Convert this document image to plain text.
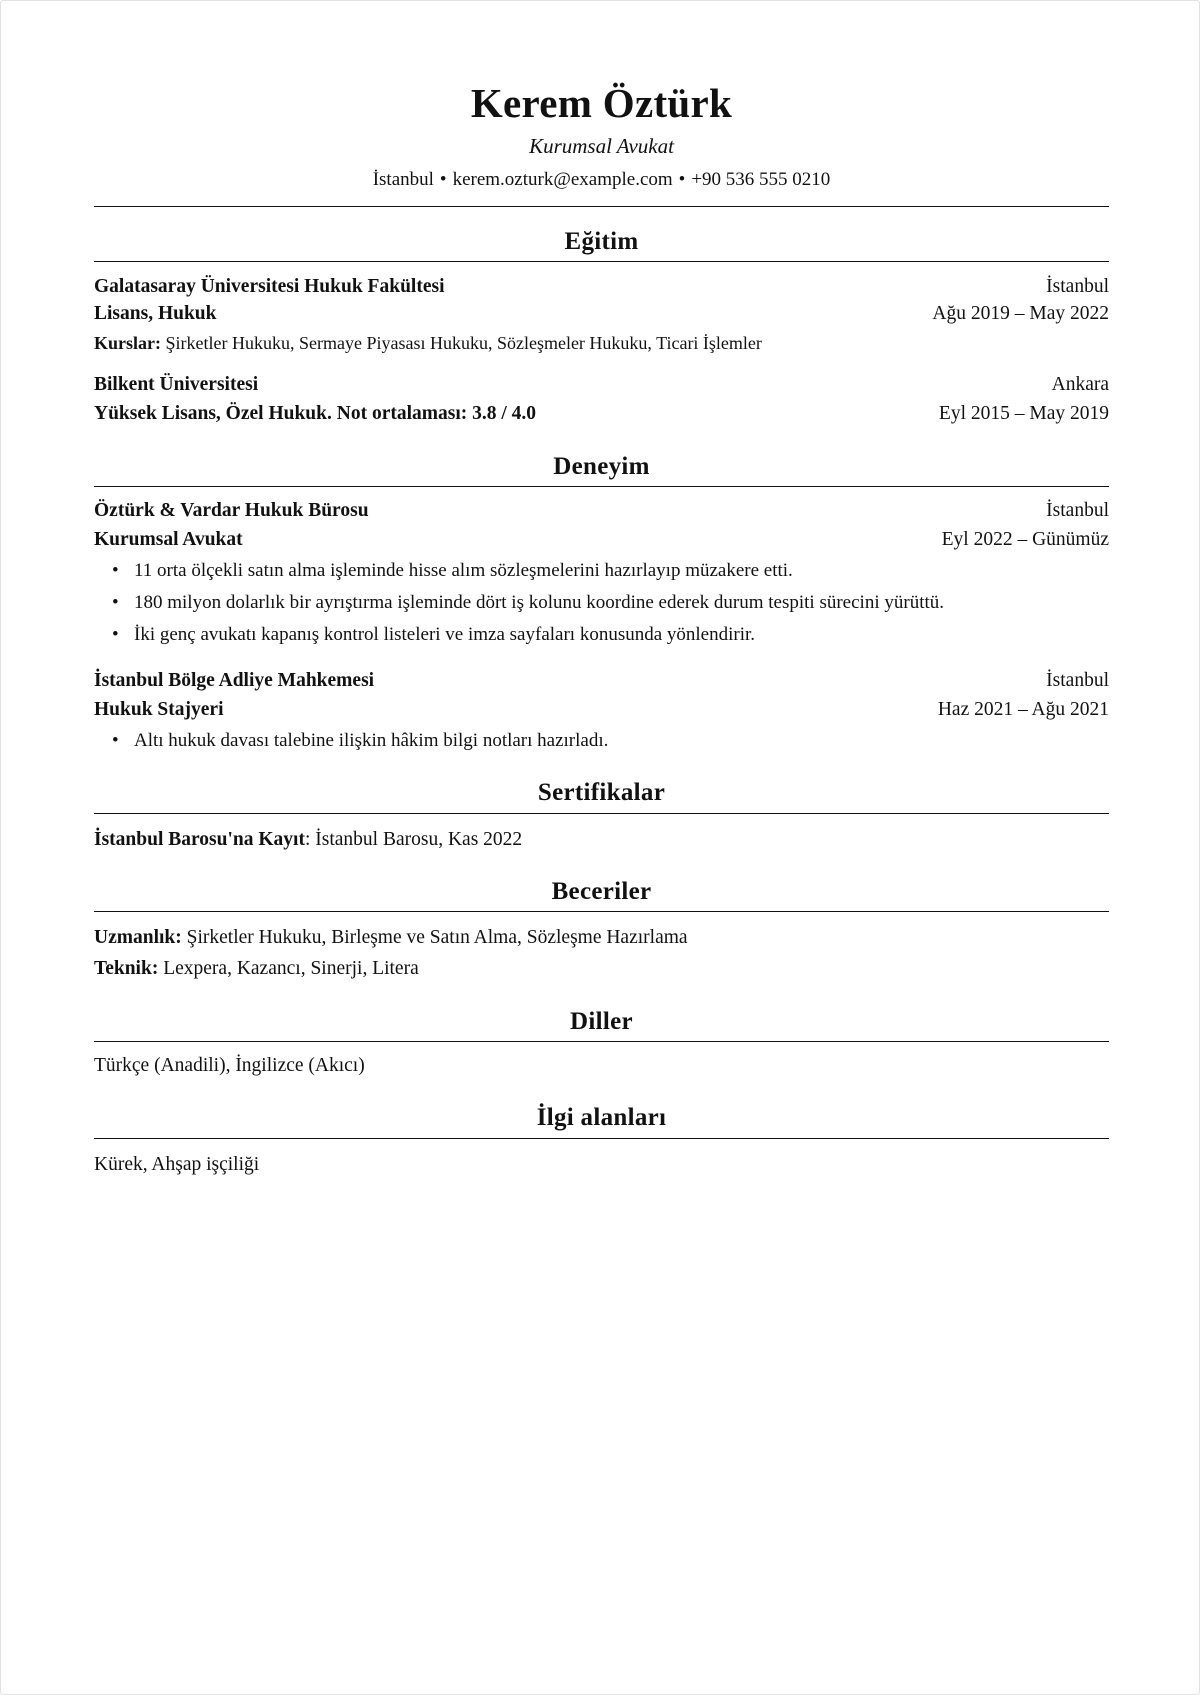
Kerem Öztürk
Kurumsal Avukat
İstanbul • kerem.ozturk@example.com • +90 536 555 0210
Eğitim
Galatasaray Üniversitesi Hukuk Fakültesi	İstanbul
Lisans, Hukuk	Ağu 2019 – May 2022
Kurslar: Şirketler Hukuku, Sermaye Piyasası Hukuku, Sözleşmeler Hukuku, Ticari İşlemler
Bilkent Üniversitesi	Ankara
Yüksek Lisans, Özel Hukuk. Not ortalaması: 3.8 / 4.0	Eyl 2015 – May 2019
Deneyim
Öztürk & Vardar Hukuk Bürosu	İstanbul
Kurumsal Avukat	Eyl 2022 – Günümüz
• 11 orta ölçekli satın alma işleminde hisse alım sözleşmelerini hazırlayıp müzakere etti.
• 180 milyon dolarlık bir ayrıştırma işleminde dört iş kolunu koordine ederek durum tespiti sürecini yürüttü.
• İki genç avukatı kapanış kontrol listeleri ve imza sayfaları konusunda yönlendirir.
İstanbul Bölge Adliye Mahkemesi	İstanbul
Hukuk Stajyeri	Haz 2021 – Ağu 2021
• Altı hukuk davası talebine ilişkin hâkim bilgi notları hazırladı.
Sertifikalar
İstanbul Barosu'na Kayıt: İstanbul Barosu, Kas 2022
Beceriler
Uzmanlık: Şirketler Hukuku, Birleşme ve Satın Alma, Sözleşme Hazırlama
Teknik: Lexpera, Kazancı, Sinerji, Litera
Diller
Türkçe (Anadili), İngilizce (Akıcı)
İlgi alanları
Kürek, Ahşap işçiliği
